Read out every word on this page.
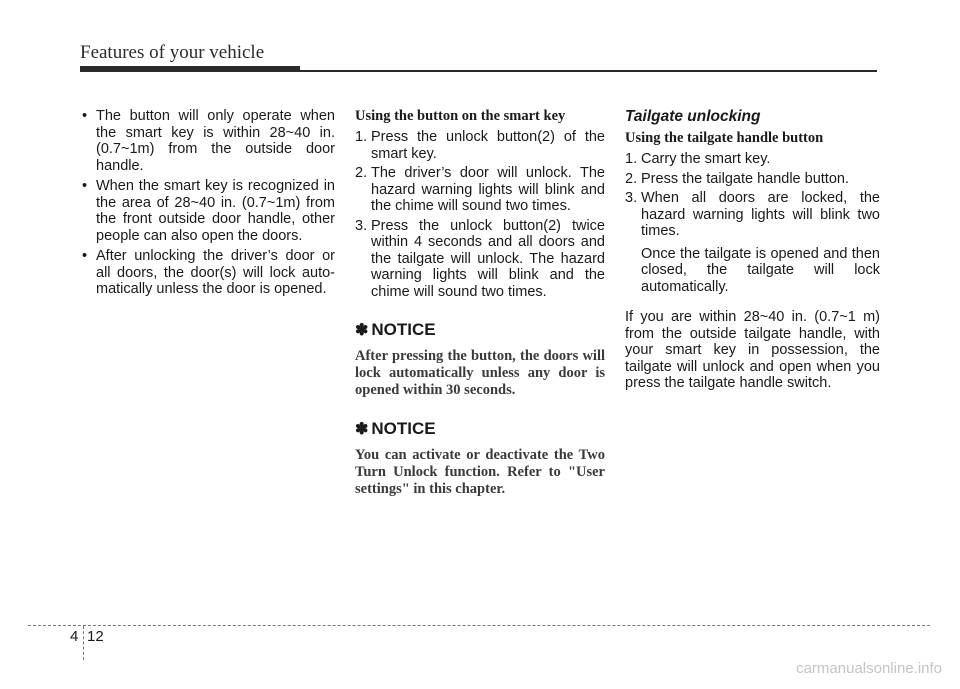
Features of your vehicle
• The button will only operate when the smart key is within 28~40 in. (0.7~1m) from the outside door handle.
• When the smart key is recognized in the area of 28~40 in. (0.7~1m) from the front outside door handle, other people can also open the doors.
• After unlocking the driver’s door or all doors, the door(s) will lock auto-matically unless the door is opened.

Using the button on the smart key

1. Press the unlock button(2) of the smart key.
2. The driver’s door will unlock. The hazard warning lights will blink and the chime will sound two times.
3. Press the unlock button(2) twice within 4 seconds and all doors and the tailgate will unlock. The hazard warning lights will blink and the chime will sound two times.
✽ NOTICE

After pressing the button, the doors will lock automatically unless any door is opened within 30 seconds.

✽ NOTICE

You can activate or deactivate the Two Turn Unlock function. Refer to "User settings" in this chapter.

Tailgate unlocking

Using the tailgate handle button

1. Carry the smart key.
2. Press the tailgate handle button.
3. When all doors are locked, the hazard warning lights will blink two times.
Once the tailgate is opened and then closed, the tailgate will lock automatically.

If you are within 28~40 in. (0.7~1 m) from the outside tailgate handle, with your smart key in possession, the tailgate will unlock and open when you press the tailgate handle switch.

4 12
carmanualsonline.info
